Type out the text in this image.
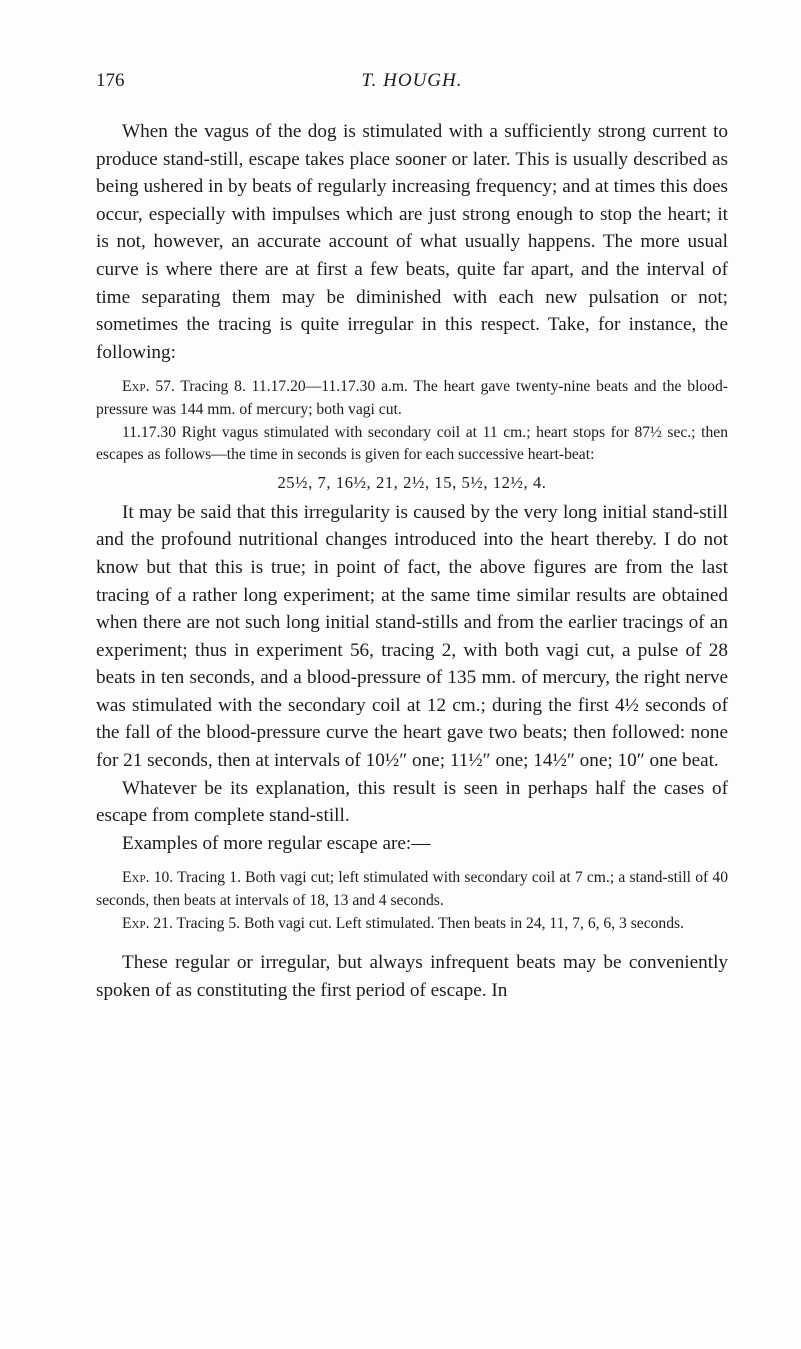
176	T. HOUGH.

When the vagus of the dog is stimulated with a sufficiently strong current to produce stand-still, escape takes place sooner or later. This is usually described as being ushered in by beats of regularly increasing frequency; and at times this does occur, especially with impulses which are just strong enough to stop the heart; it is not, however, an accurate account of what usually happens. The more usual curve is where there are at first a few beats, quite far apart, and the interval of time separating them may be diminished with each new pulsation or not; sometimes the tracing is quite irregular in this respect. Take, for instance, the following:

Exp. 57. Tracing 8. 11.17.20—11.17.30 a.m. The heart gave twenty-nine beats and the blood-pressure was 144 mm. of mercury; both vagi cut.

11.17.30 Right vagus stimulated with secondary coil at 11 cm.; heart stops for 87½ sec.; then escapes as follows—the time in seconds is given for each successive heart-beat:

25½, 7, 16½, 21, 2½, 15, 5½, 12½, 4.

It may be said that this irregularity is caused by the very long initial stand-still and the profound nutritional changes introduced into the heart thereby. I do not know but that this is true; in point of fact, the above figures are from the last tracing of a rather long experiment; at the same time similar results are obtained when there are not such long initial stand-stills and from the earlier tracings of an experiment; thus in experiment 56, tracing 2, with both vagi cut, a pulse of 28 beats in ten seconds, and a blood-pressure of 135 mm. of mercury, the right nerve was stimulated with the secondary coil at 12 cm.; during the first 4½ seconds of the fall of the blood-pressure curve the heart gave two beats; then followed: none for 21 seconds, then at intervals of 10½″ one; 11½″ one; 14½″ one; 10″ one beat.

Whatever be its explanation, this result is seen in perhaps half the cases of escape from complete stand-still.

Examples of more regular escape are:—

Exp. 10. Tracing 1. Both vagi cut; left stimulated with secondary coil at 7 cm.; a stand-still of 40 seconds, then beats at intervals of 18, 13 and 4 seconds.

Exp. 21. Tracing 5. Both vagi cut. Left stimulated. Then beats in 24, 11, 7, 6, 6, 3 seconds.

These regular or irregular, but always infrequent beats may be conveniently spoken of as constituting the first period of escape. In
